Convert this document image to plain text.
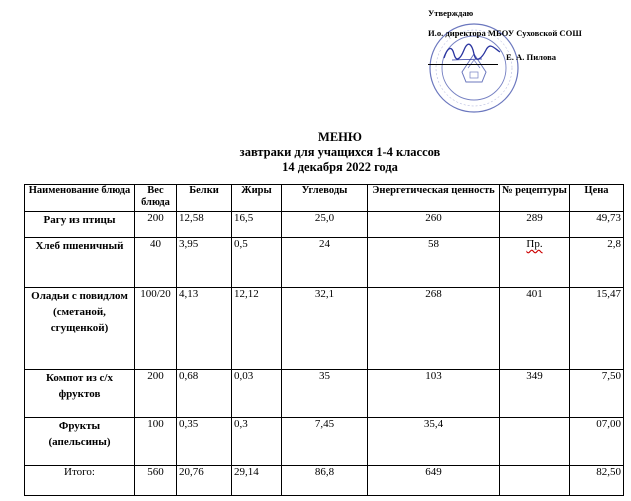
Утверждаю
И.о. директора МБОУ Суховской СОШ
Е. А. Пилова
МЕНЮ
завтраки для учащихся 1-4 классов
14 декабря 2022 года
Наименование блюда	Вес блюда	Белки	Жиры	Углеводы	Энергетическая ценность	№ рецептуры	Цена
Рагу из птицы	200	12,58	16,5	25,0	260	289	49,73
Хлеб пшеничный	40	3,95	0,5	24	58	Пр.	2,8
Оладьи с повидлом (сметаной, сгущенкой)	100/20	4,13	12,12	32,1	268	401	15,47
Компот из с/х фруктов	200	0,68	0,03	35	103	349	7,50
Фрукты (апельсины)	100	0,35	0,3	7,45	35,4		07,00
Итого:	560	20,76	29,14	86,8	649		82,50
